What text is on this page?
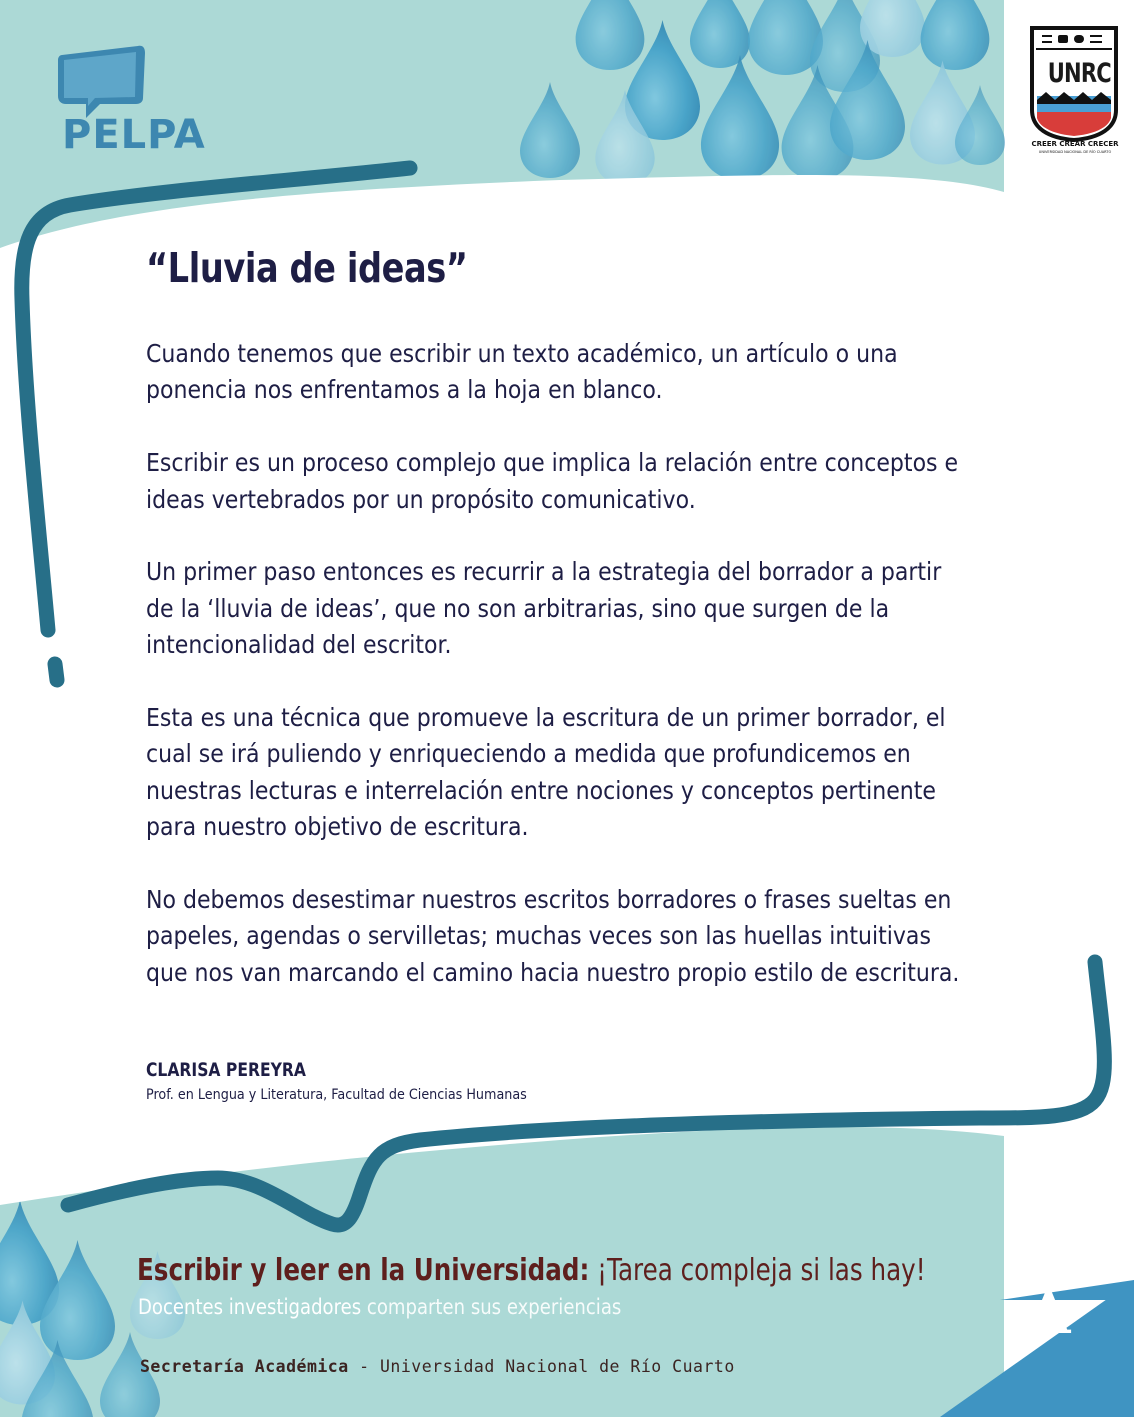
PELPA
UNRC
CREER CREAR CRECER
UNIVERSIDAD NACIONAL DE RÍO CUARTO
“Lluvia de ideas”

Cuando tenemos que escribir un texto académico, un artículo o una ponencia nos enfrentamos a la hoja en blanco.

Escribir es un proceso complejo que implica la relación entre conceptos e ideas vertebrados por un propósito comunicativo.

Un primer paso entonces es recurrir a la estrategia del borrador a partir de la ‘lluvia de ideas’, que no son arbitrarias, sino que surgen de la intencionalidad del escritor.

Esta es una técnica que promueve la escritura de un primer borrador, el cual se irá puliendo y enriqueciendo a medida que profundicemos en nuestras lecturas e interrelación entre nociones y conceptos pertinente para nuestro objetivo de escritura.

No debemos desestimar nuestros escritos borradores o frases sueltas en papeles, agendas o servilletas; muchas veces son las huellas intuitivas que nos van marcando el camino hacia nuestro propio estilo de escritura.

CLARISA PEREYRA
Prof. en Lengua y Literatura, Facultad de Ciencias Humanas
Escribir y leer en la Universidad: ¡Tarea compleja si las hay!
Docentes investigadores comparten sus experiencias
Secretaría Académica - Universidad Nacional de Río Cuarto
A
